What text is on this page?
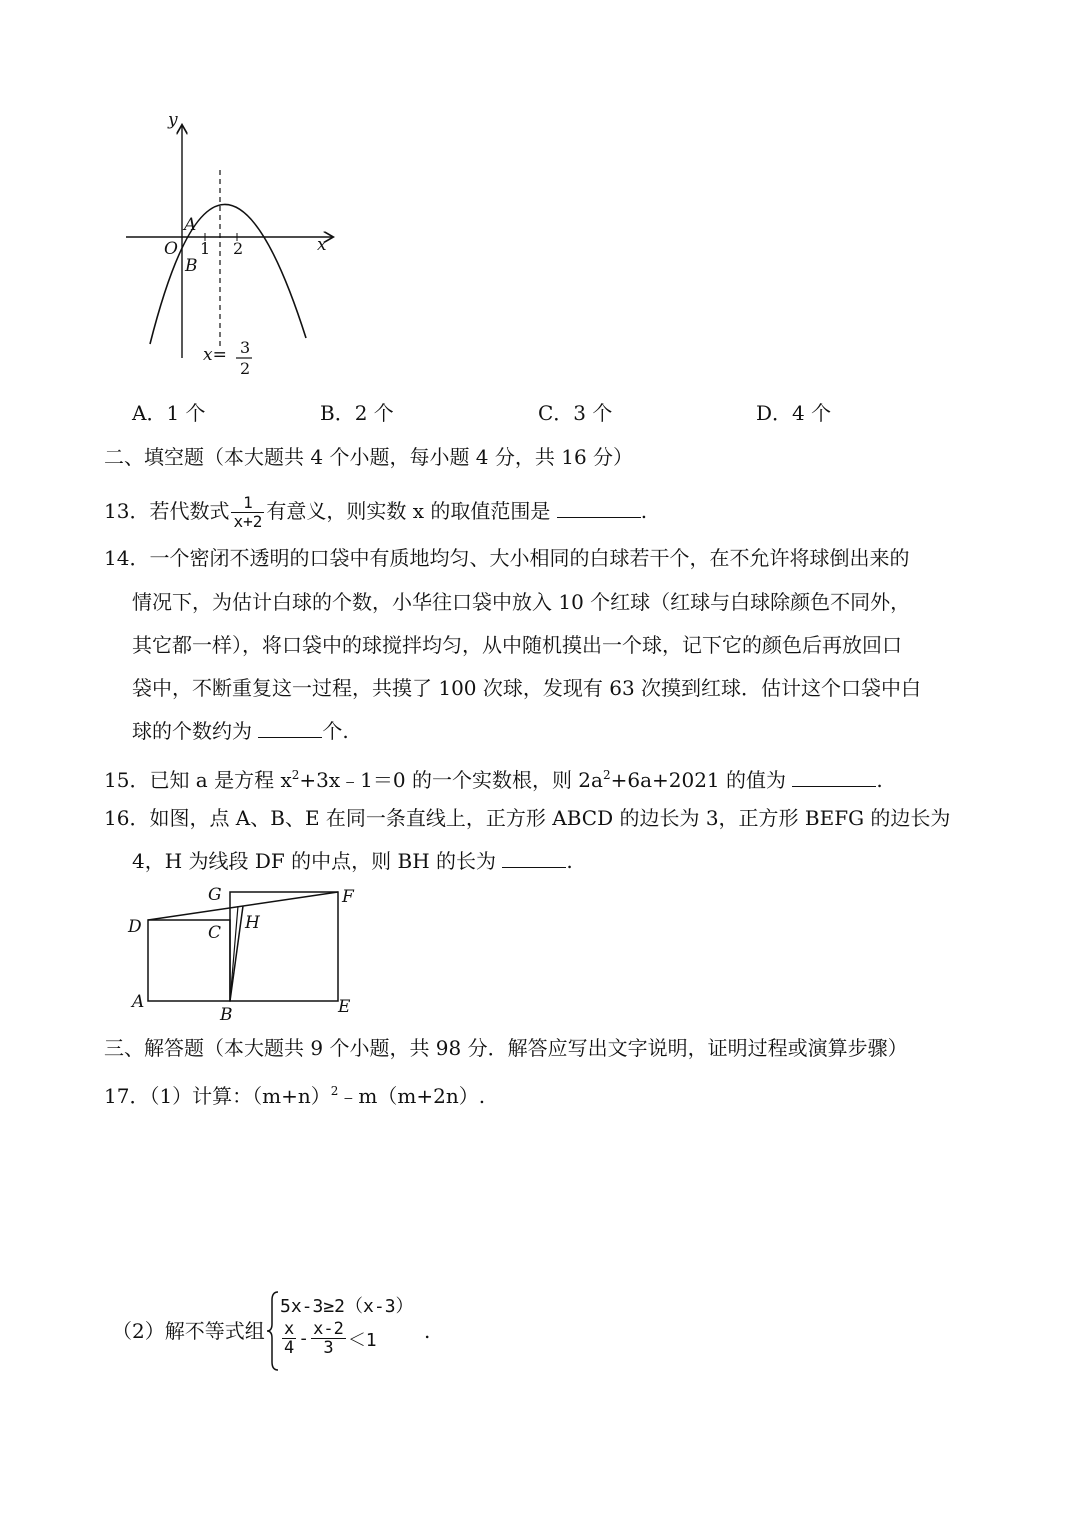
y
x
O
A
B
1 2
x= 3
2
A．1 个	B．2 个	C．3 个	D．4 个
二、填空题（本大题共 4 个小题，每小题 4 分，共 16 分）
13．若代数式 $\frac{1}{x+2}$ 有意义，则实数 x 的取值范围是	.
14．一个密闭不透明的口袋中有质地均匀、大小相同的白球若干个，在不允许将球倒出来的
情况下，为估计白球的个数，小华往口袋中放入 10 个红球（红球与白球除颜色不同外，
其它都一样），将口袋中的球搅拌均匀，从中随机摸出一个球，记下它的颜色后再放回口
袋中，不断重复这一过程，共摸了 100 次球，发现有 63 次摸到红球．估计这个口袋中白
球的个数约为	个.
15．已知 a 是方程 $x^2+3x﹣1=0$ 的一个实数根，则 $2a^2+6a+2021$ 的值为	.
16．如图，点 A、B、E 在同一条直线上，正方形 ABCD 的边长为 3，正方形 BEFG 的边长为
4，H 为线段 DF 的中点，则 BH 的长为	.
D	C
G	F
H
A
B	E
三、解答题（本大题共 9 个小题，共 98 分．解答应写出文字说明，证明过程或演算步骤）
17．（1）计算：$(m+n)^2﹣m(m+2n)$.
（2）解不等式组
5x-3≥2（x-3）
$\frac{x}{4} - \frac{x-2}{3} <1$ .
